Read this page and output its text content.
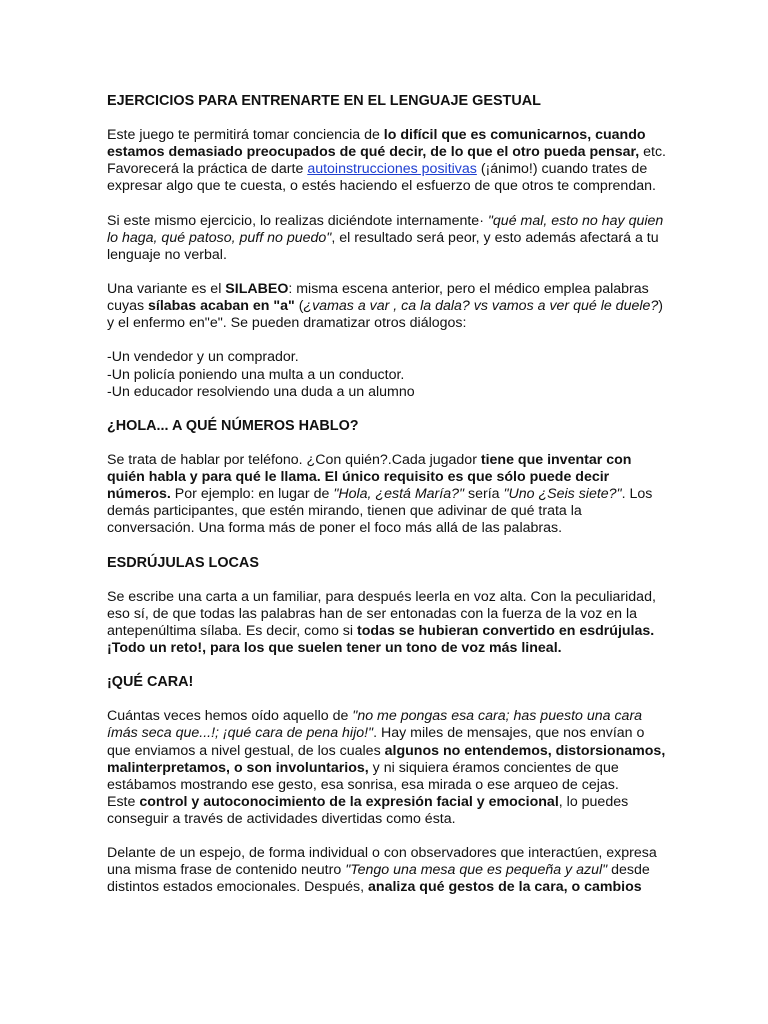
EJERCICIOS PARA ENTRENARTE EN EL LENGUAJE GESTUAL

Este juego te permitirá tomar conciencia de lo difícil que es comunicarnos, cuando estamos demasiado preocupados de qué decir, de lo que el otro pueda pensar, etc. Favorecerá la práctica de darte autoinstrucciones positivas (¡ánimo!) cuando trates de expresar algo que te cuesta, o estés haciendo el esfuerzo de que otros te comprendan.

Si este mismo ejercicio, lo realizas diciéndote internamente· "qué mal, esto no hay quien lo haga, qué patoso, puff no puedo", el resultado será peor, y esto además afectará a tu lenguaje no verbal.

Una variante es el SILABEO: misma escena anterior, pero el médico emplea palabras cuyas sílabas acaban en "a" (¿vamas a var , ca la dala? vs vamos a ver qué le duele?) y el enfermo en"e". Se pueden dramatizar otros diálogos:

-Un vendedor y un comprador.

-Un policía poniendo una multa a un conductor.

-Un educador resolviendo una duda a un alumno

¿HOLA... A QUÉ NÚMEROS HABLO?

Se trata de hablar por teléfono. ¿Con quién?.Cada jugador tiene que inventar con quién habla y para qué le llama. El único requisito es que sólo puede decir números. Por ejemplo: en lugar de "Hola, ¿está María?" sería "Uno ¿Seis siete?". Los demás participantes, que estén mirando, tienen que adivinar de qué trata la conversación. Una forma más de poner el foco más allá de las palabras.

ESDRÚJULAS LOCAS

Se escribe una carta a un familiar, para después leerla en voz alta. Con la peculiaridad, eso sí, de que todas las palabras han de ser entonadas con la fuerza de la voz en la antepenúltima sílaba. Es decir, como si todas se hubieran convertido en esdrújulas. ¡Todo un reto!, para los que suelen tener un tono de voz más lineal.

¡QUÉ CARA!

Cuántas veces hemos oído aquello de "no me pongas esa cara; has puesto una cara ímás seca que...!; ¡qué cara de pena hijo!". Hay miles de mensajes, que nos envían o que enviamos a nivel gestual, de los cuales algunos no entendemos, distorsionamos, malinterpretamos, o son involuntarios, y ni siquiera éramos concientes de que estábamos mostrando ese gesto, esa sonrisa, esa mirada o ese arqueo de cejas.

Este control y autoconocimiento de la expresión facial y emocional, lo puedes conseguir a través de actividades divertidas como ésta.

Delante de un espejo, de forma individual o con observadores que interactúen, expresa una misma frase de contenido neutro "Tengo una mesa que es pequeña y azul" desde distintos estados emocionales. Después, analiza qué gestos de la cara, o cambios
